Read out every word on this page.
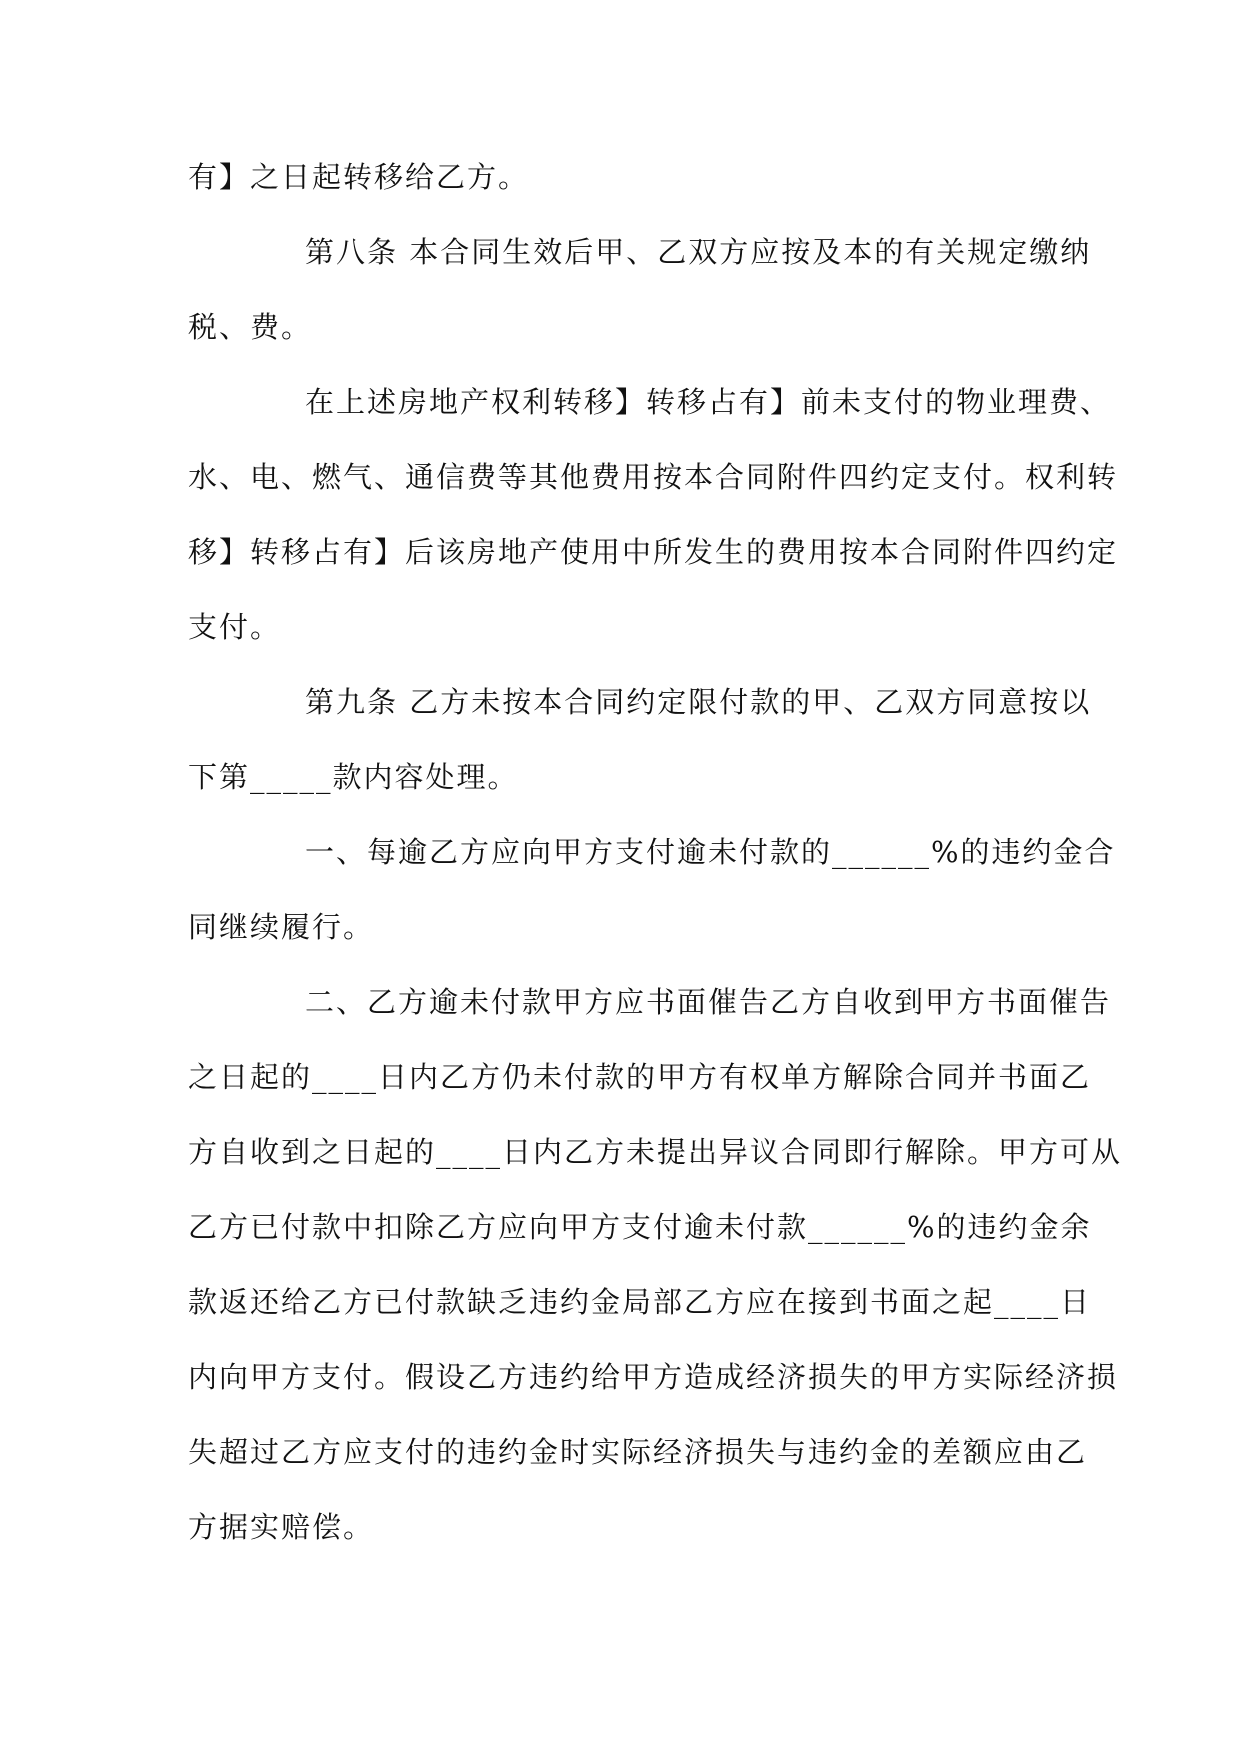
有】之日起转移给乙方。
第八条 本合同生效后甲、乙双方应按及本的有关规定缴纳
税、费。
在上述房地产权利转移】转移占有】前未支付的物业理费、
水、电、燃气、通信费等其他费用按本合同附件四约定支付。权利转
移】转移占有】后该房地产使用中所发生的费用按本合同附件四约定
支付。
第九条 乙方未按本合同约定限付款的甲、乙双方同意按以
下第_____款内容处理。
一、每逾乙方应向甲方支付逾未付款的______%的违约金合
同继续履行。
二、乙方逾未付款甲方应书面催告乙方自收到甲方书面催告
之日起的____日内乙方仍未付款的甲方有权单方解除合同并书面乙
方自收到之日起的____日内乙方未提出异议合同即行解除。甲方可从
乙方已付款中扣除乙方应向甲方支付逾未付款______%的违约金余
款返还给乙方已付款缺乏违约金局部乙方应在接到书面之起____日
内向甲方支付。假设乙方违约给甲方造成经济损失的甲方实际经济损
失超过乙方应支付的违约金时实际经济损失与违约金的差额应由乙
方据实赔偿。
